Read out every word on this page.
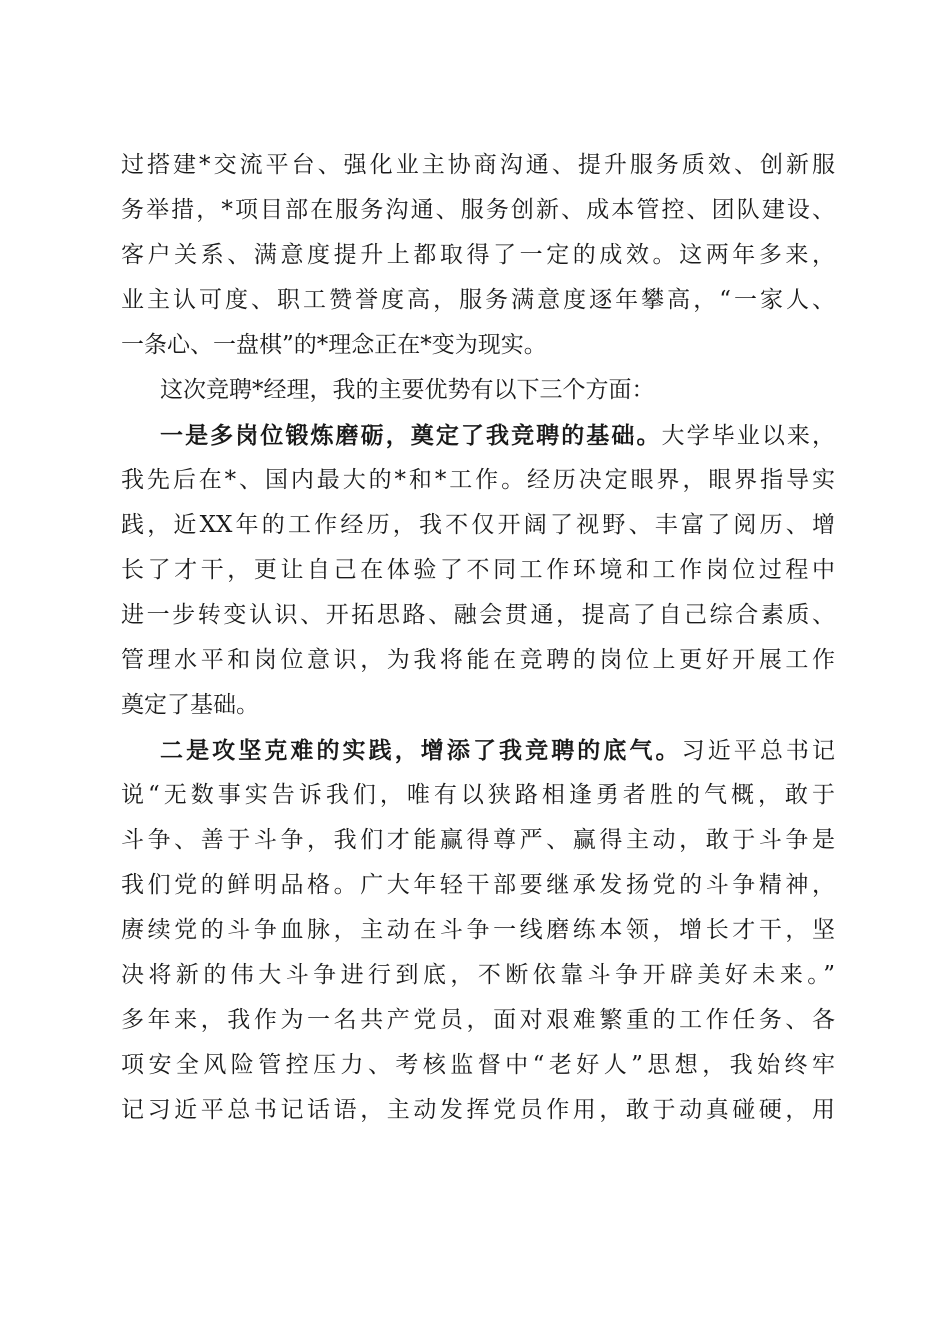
过搭建*交流平台、强化业主协商沟通、提升服务质效、创新服
务举措，*项目部在服务沟通、服务创新、成本管控、团队建设、
客户关系、满意度提升上都取得了一定的成效。这两年多来，
业主认可度、职工赞誉度高，服务满意度逐年攀高，“一家人、
一条心、一盘棋”的*理念正在*变为现实。
这次竞聘*经理，我的主要优势有以下三个方面：
一是多岗位锻炼磨砺，奠定了我竞聘的基础。大学毕业以来，
我先后在*、国内最大的*和*工作。经历决定眼界，眼界指导实
践，近XX年的工作经历，我不仅开阔了视野、丰富了阅历、增
长了才干，更让自己在体验了不同工作环境和工作岗位过程中
进一步转变认识、开拓思路、融会贯通，提高了自己综合素质、
管理水平和岗位意识，为我将能在竞聘的岗位上更好开展工作
奠定了基础。
二是攻坚克难的实践，增添了我竞聘的底气。习近平总书记
说“无数事实告诉我们，唯有以狭路相逢勇者胜的气概，敢于
斗争、善于斗争，我们才能赢得尊严、赢得主动，敢于斗争是
我们党的鲜明品格。广大年轻干部要继承发扬党的斗争精神，
赓续党的斗争血脉，主动在斗争一线磨练本领，增长才干，坚
决将新的伟大斗争进行到底，不断依靠斗争开辟美好未来。”
多年来，我作为一名共产党员，面对艰难繁重的工作任务、各
项安全风险管控压力、考核监督中“老好人”思想，我始终牢
记习近平总书记话语，主动发挥党员作用，敢于动真碰硬，用
